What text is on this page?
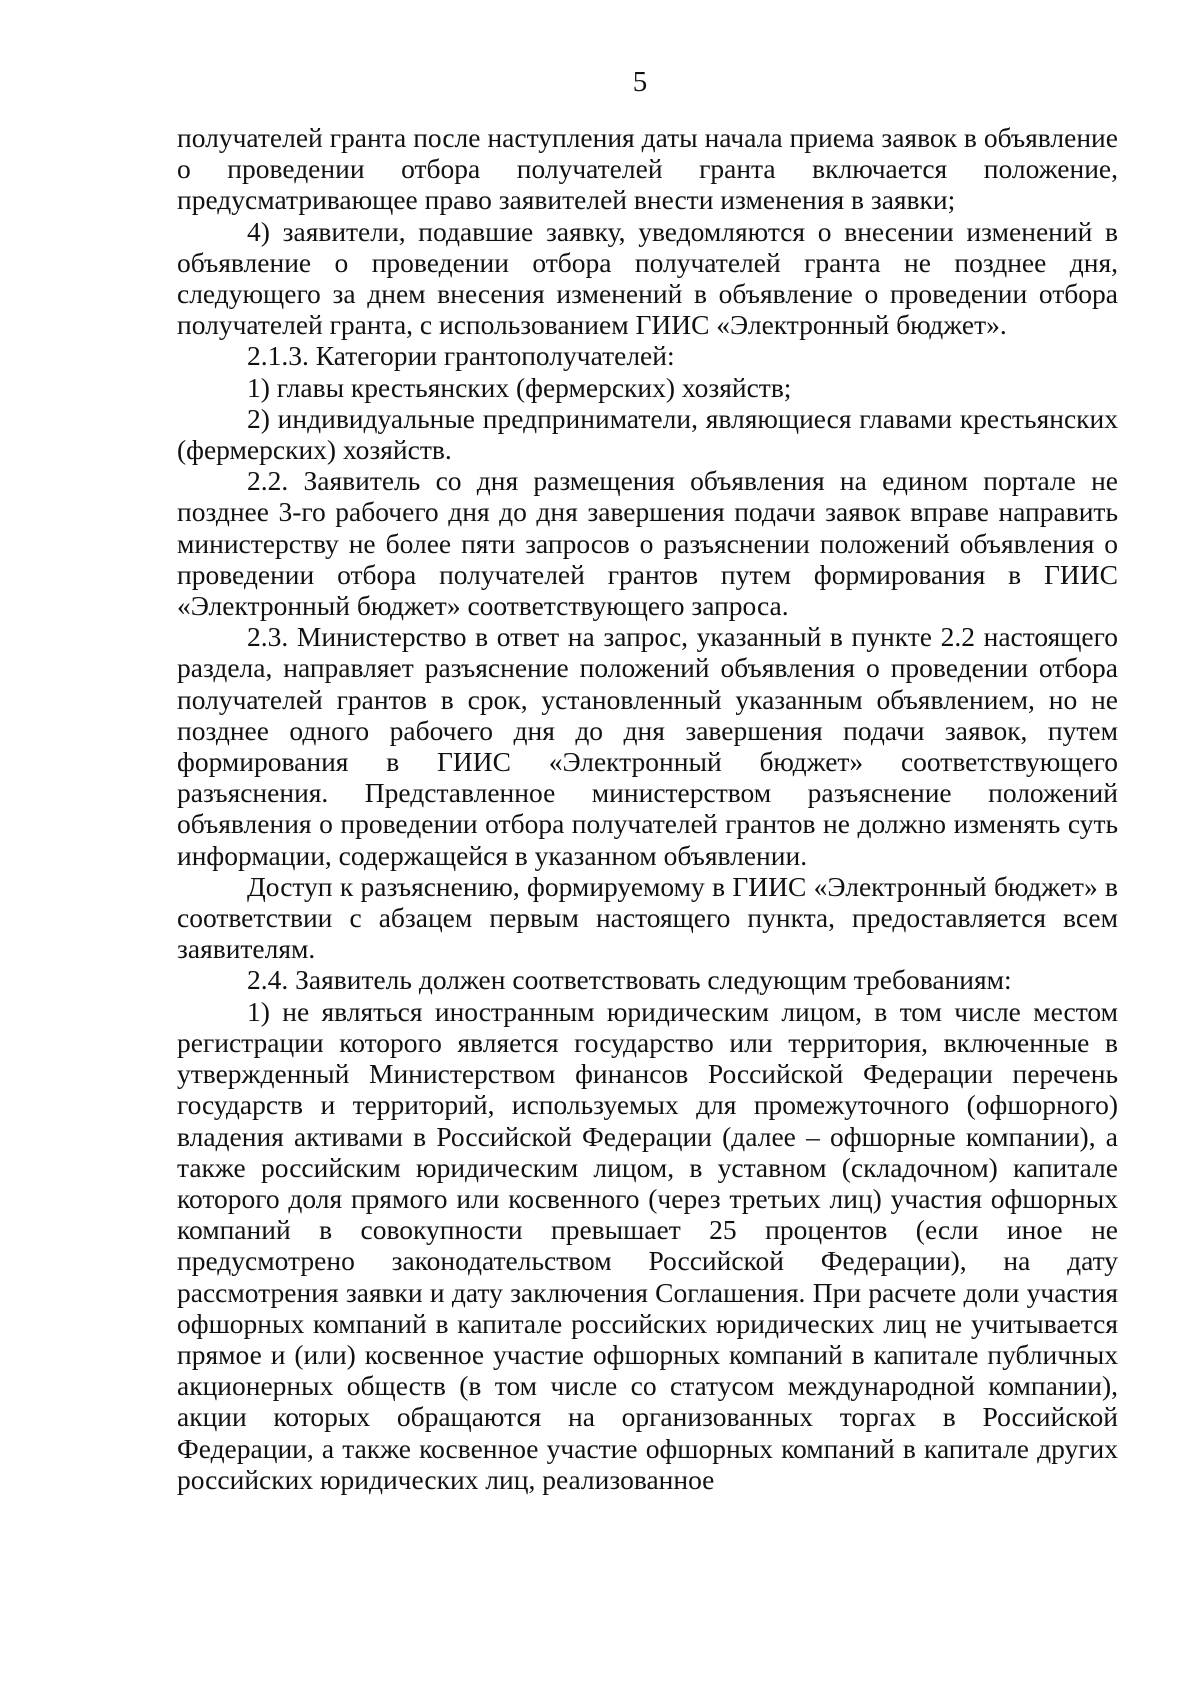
5

получателей гранта после наступления даты начала приема заявок в объявление о проведении отбора получателей гранта включается положение, предусматривающее право заявителей внести изменения в заявки;

4) заявители, подавшие заявку, уведомляются о внесении изменений в объявление о проведении отбора получателей гранта не позднее дня, следующего за днем внесения изменений в объявление о проведении отбора получателей гранта, с использованием ГИИС «Электронный бюджет».

2.1.3. Категории грантополучателей:

1) главы крестьянских (фермерских) хозяйств;

2) индивидуальные предприниматели, являющиеся главами крестьянских (фермерских) хозяйств.

2.2. Заявитель со дня размещения объявления на едином портале не позднее 3-го рабочего дня до дня завершения подачи заявок вправе направить министерству не более пяти запросов о разъяснении положений объявления о проведении отбора получателей грантов путем формирования в ГИИС «Электронный бюджет» соответствующего запроса.

2.3. Министерство в ответ на запрос, указанный в пункте 2.2 настоящего раздела, направляет разъяснение положений объявления о проведении отбора получателей грантов в срок, установленный указанным объявлением, но не позднее одного рабочего дня до дня завершения подачи заявок, путем формирования в ГИИС «Электронный бюджет» соответствующего разъяснения. Представленное министерством разъяснение положений объявления о проведении отбора получателей грантов не должно изменять суть информации, содержащейся в указанном объявлении.

Доступ к разъяснению, формируемому в ГИИС «Электронный бюджет» в соответствии с абзацем первым настоящего пункта, предоставляется всем заявителям.

2.4. Заявитель должен соответствовать следующим требованиям:

1) не являться иностранным юридическим лицом, в том числе местом регистрации которого является государство или территория, включенные в утвержденный Министерством финансов Российской Федерации перечень государств и территорий, используемых для промежуточного (офшорного) владения активами в Российской Федерации (далее – офшорные компании), а также российским юридическим лицом, в уставном (складочном) капитале которого доля прямого или косвенного (через третьих лиц) участия офшорных компаний в совокупности превышает 25 процентов (если иное не предусмотрено законодательством Российской Федерации), на дату рассмотрения заявки и дату заключения Соглашения. При расчете доли участия офшорных компаний в капитале российских юридических лиц не учитывается прямое и (или) косвенное участие офшорных компаний в капитале публичных акционерных обществ (в том числе со статусом международной компании), акции которых обращаются на организованных торгах в Российской Федерации, а также косвенное участие офшорных компаний в капитале других российских юридических лиц, реализованное
